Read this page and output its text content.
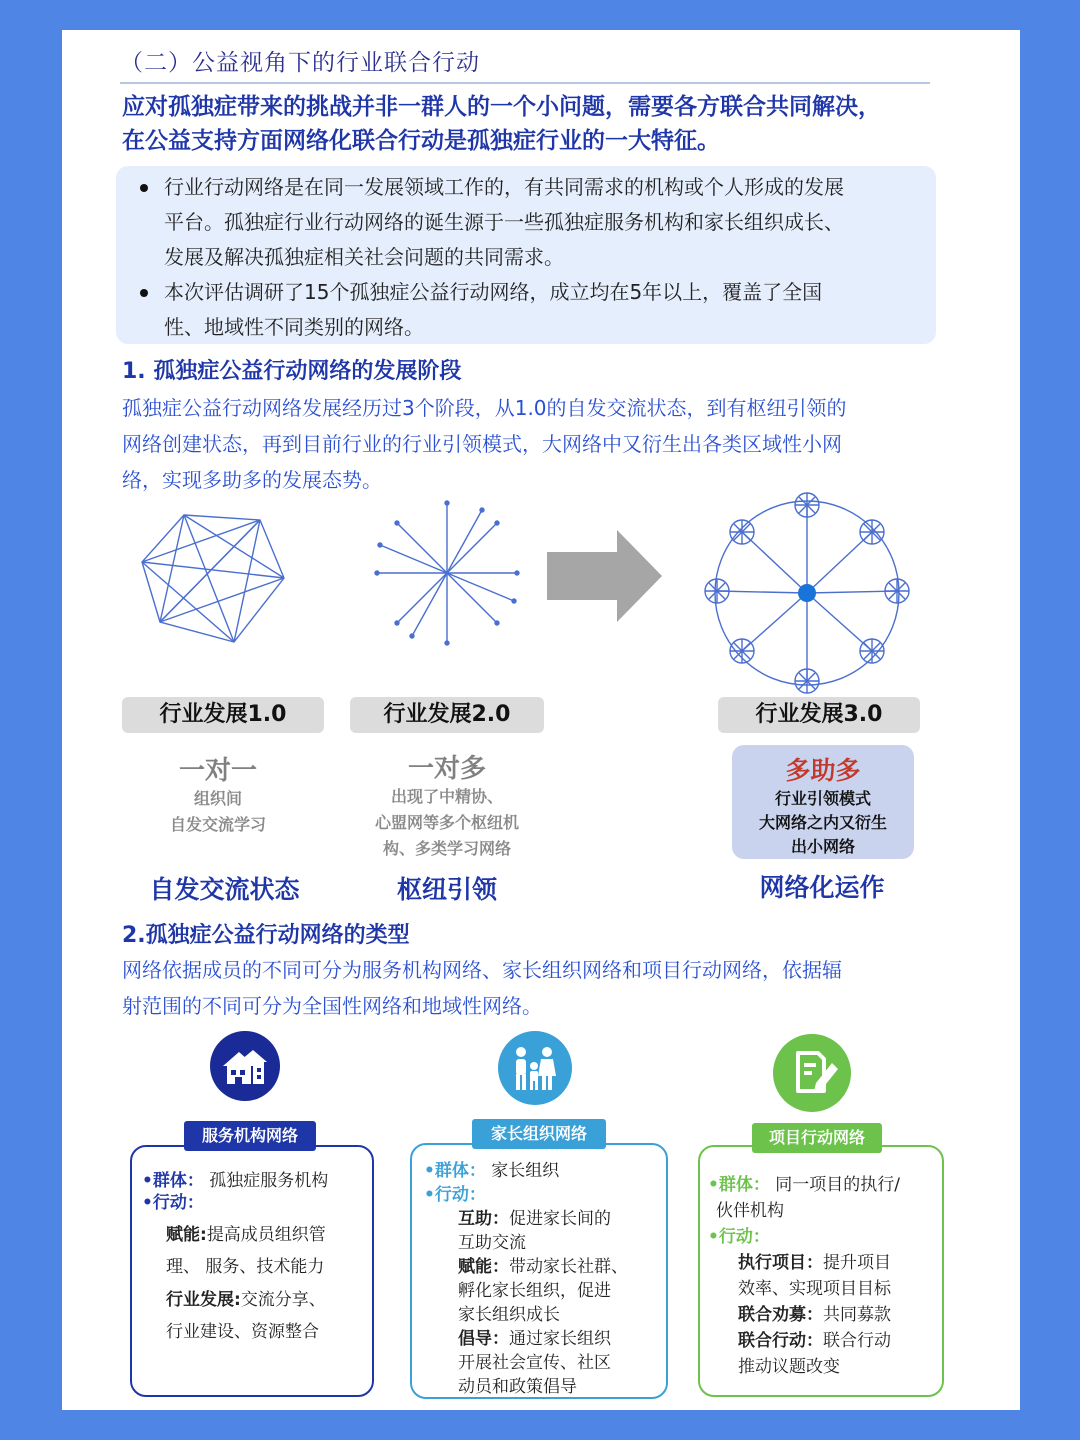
（二）公益视角下的行业联合行动
应对孤独症带来的挑战并非一群人的一个小问题，需要各方联合共同解决，
在公益支持方面网络化联合行动是孤独症行业的一大特征。
行业行动网络是在同一发展领域工作的，有共同需求的机构或个人形成的发展
平台。孤独症行业行动网络的诞生源于一些孤独症服务机构和家长组织成长、
发展及解决孤独症相关社会问题的共同需求。
本次评估调研了15个孤独症公益行动网络，成立均在5年以上，覆盖了全国
性、地域性不同类别的网络。
1. 孤独症公益行动网络的发展阶段
孤独症公益行动网络发展经历过3个阶段，从1.0的自发交流状态，到有枢纽引领的
网络创建状态，再到目前行业的行业引领模式，大网络中又衍生出各类区域性小网
络，实现多助多的发展态势。
行业发展1.0	行业发展2.0	行业发展3.0
一对一
组织间
自发交流学习
自发交流状态
一对多
出现了中精协、
心盟网等多个枢纽机
构、多类学习网络
枢纽引领
多助多
行业引领模式
大网络之内又衍生
出小网络
网络化运作
2.孤独症公益行动网络的类型
网络依据成员的不同可分为服务机构网络、家长组织网络和项目行动网络，依据辐
射范围的不同可分为全国性网络和地域性网络。
•群体： 孤独症服务机构
•行动：
赋能:提高成员组织管
理、 服务、技术能力
行业发展:交流分享、
行业建设、资源整合
服务机构网络
•群体： 家长组织
•行动：
互助：促进家长间的
互助交流
赋能：带动家长社群、
孵化家长组织，促进
家长组织成长
倡导：通过家长组织
开展社会宣传、社区
动员和政策倡导
家长组织网络
•群体： 同一项目的执行/
伙伴机构
•行动：
执行项目：提升项目
效率、实现项目目标
联合劝募：共同募款
联合行动：联合行动
推动议题改变
项目行动网络
